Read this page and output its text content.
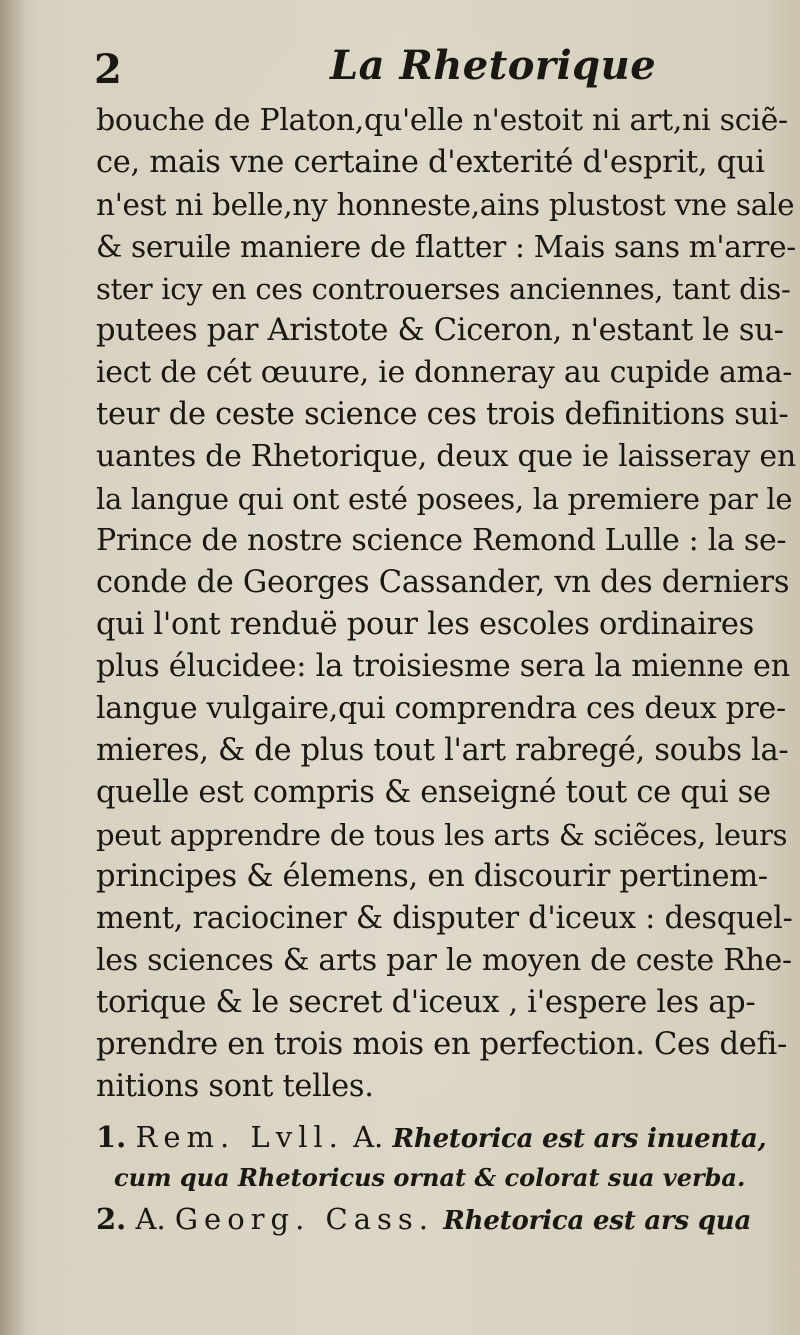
2	La Rhetorique
bouche de Platon,qu'elle n'estoit ni art,ni sciẽ-
ce, mais vne certaine d'exterité d'esprit, qui
n'est ni belle,ny honneste,ains plustost vne sale
& seruile maniere de flatter : Mais sans m'arre-
ster icy en ces controuerses anciennes, tant dis-
putees par Aristote & Ciceron, n'estant le su-
iect de cét œuure, ie donneray au cupide ama-
teur de ceste science ces trois definitions sui-
uantes de Rhetorique, deux que ie laisseray en
la langue qui ont esté posees, la premiere par le
Prince de nostre science Remond Lulle : la se-
conde de Georges Cassander, vn des derniers
qui l'ont renduë pour les escoles ordinaires
plus élucidee: la troisiesme sera la mienne en
langue vulgaire,qui comprendra ces deux pre-
mieres, & de plus tout l'art rabregé, soubs la-
quelle est compris & enseigné tout ce qui se
peut apprendre de tous les arts & sciẽces, leurs
principes & élemens, en discourir pertinem-
ment, raciociner & disputer d'iceux : desquel-
les sciences & arts par le moyen de ceste Rhe-
torique & le secret d'iceux , i'espere les ap-
prendre en trois mois en perfection. Ces defi-
nitions sont telles.
1. Rem. Lvll. A. Rhetorica est ars inuenta,
cum qua Rhetoricus ornat & colorat sua verba.
2. A. Georg. Cass. Rhetorica est ars qua
